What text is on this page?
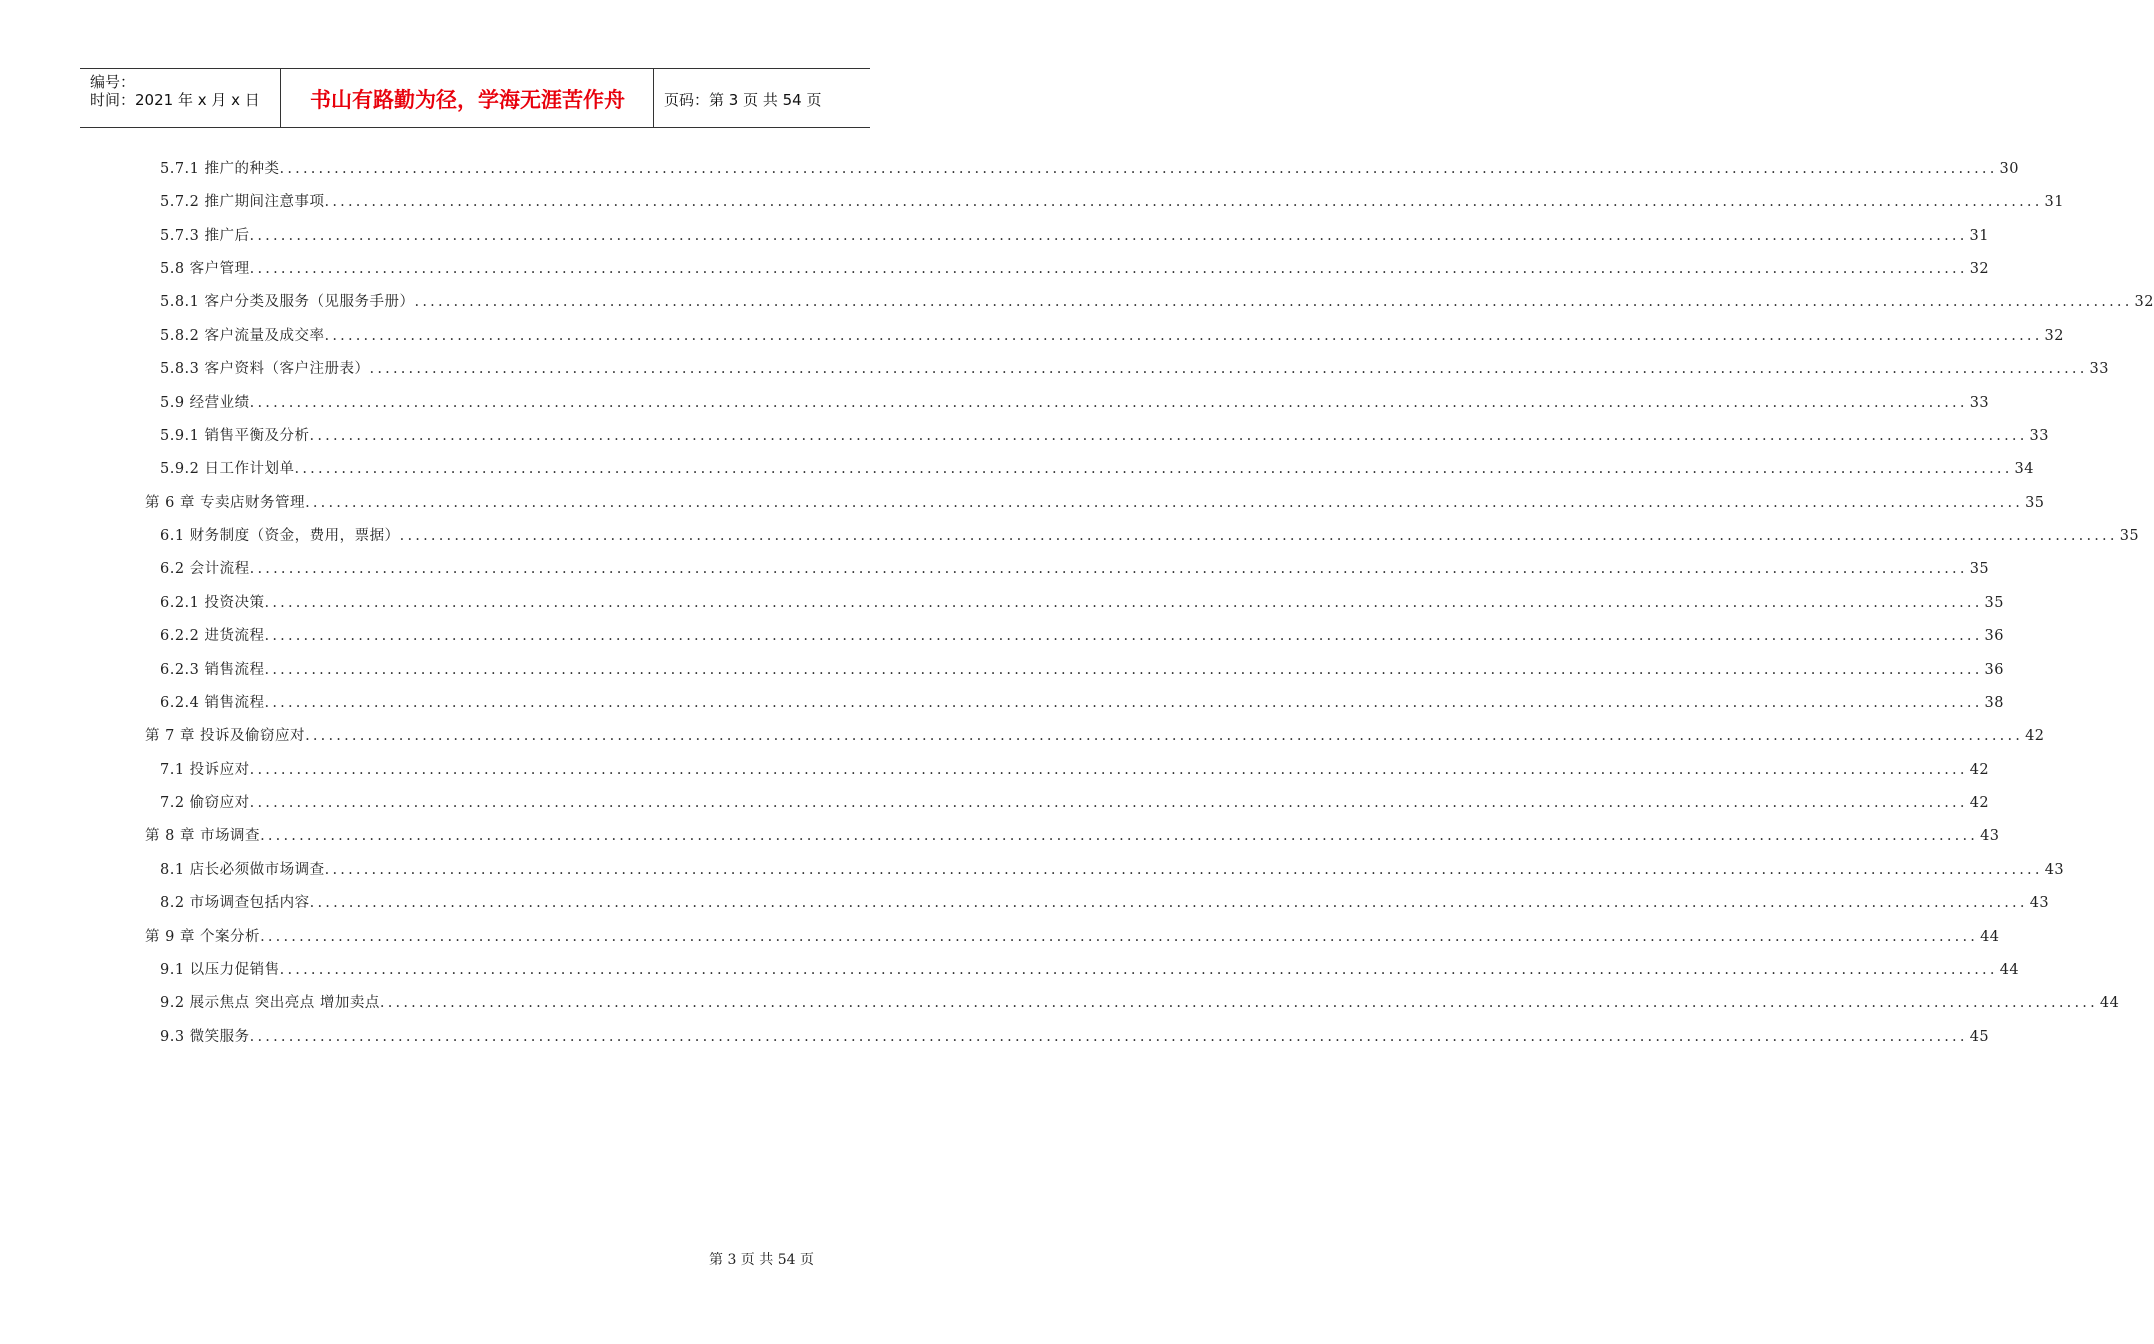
编号：
时间：2021 年 x 月 x 日	书山有路勤为径，学海无涯苦作舟	页码：第 3 页 共 54 页
5.7.1 推广的种类 ............................................................................................................................................................................................................................ 30
5.7.2 推广期间注意事项 ............................................................................................................................................................................................................................ 31
5.7.3 推广后 ............................................................................................................................................................................................................................ 31
5.8 客户管理 ............................................................................................................................................................................................................................ 32
5.8.1 客户分类及服务（见服务手册） ............................................................................................................................................................................................................................ 32
5.8.2 客户流量及成交率 ............................................................................................................................................................................................................................ 32
5.8.3 客户资料（客户注册表） ............................................................................................................................................................................................................................ 33
5.9 经营业绩 ............................................................................................................................................................................................................................ 33
5.9.1 销售平衡及分析 ............................................................................................................................................................................................................................ 33
5.9.2 日工作计划单 ............................................................................................................................................................................................................................ 34
第 6 章 专卖店财务管理 ............................................................................................................................................................................................................................ 35
6.1 财务制度（资金，费用，票据） ............................................................................................................................................................................................................................ 35
6.2 会计流程 ............................................................................................................................................................................................................................ 35
6.2.1 投资决策 ............................................................................................................................................................................................................................ 35
6.2.2 进货流程 ............................................................................................................................................................................................................................ 36
6.2.3 销售流程 ............................................................................................................................................................................................................................ 36
6.2.4 销售流程 ............................................................................................................................................................................................................................ 38
第 7 章 投诉及偷窃应对 ............................................................................................................................................................................................................................ 42
7.1 投诉应对 ............................................................................................................................................................................................................................ 42
7.2 偷窃应对 ............................................................................................................................................................................................................................ 42
第 8 章 市场调查 ............................................................................................................................................................................................................................ 43
8.1 店长必须做市场调查 ............................................................................................................................................................................................................................ 43
8.2 市场调查包括内容 ............................................................................................................................................................................................................................ 43
第 9 章 个案分析 ............................................................................................................................................................................................................................ 44
9.1 以压力促销售 ............................................................................................................................................................................................................................ 44
9.2 展示焦点 突出亮点 增加卖点 ............................................................................................................................................................................................................................ 44
9.3 微笑服务 ............................................................................................................................................................................................................................ 45
第 3 页 共 54 页
